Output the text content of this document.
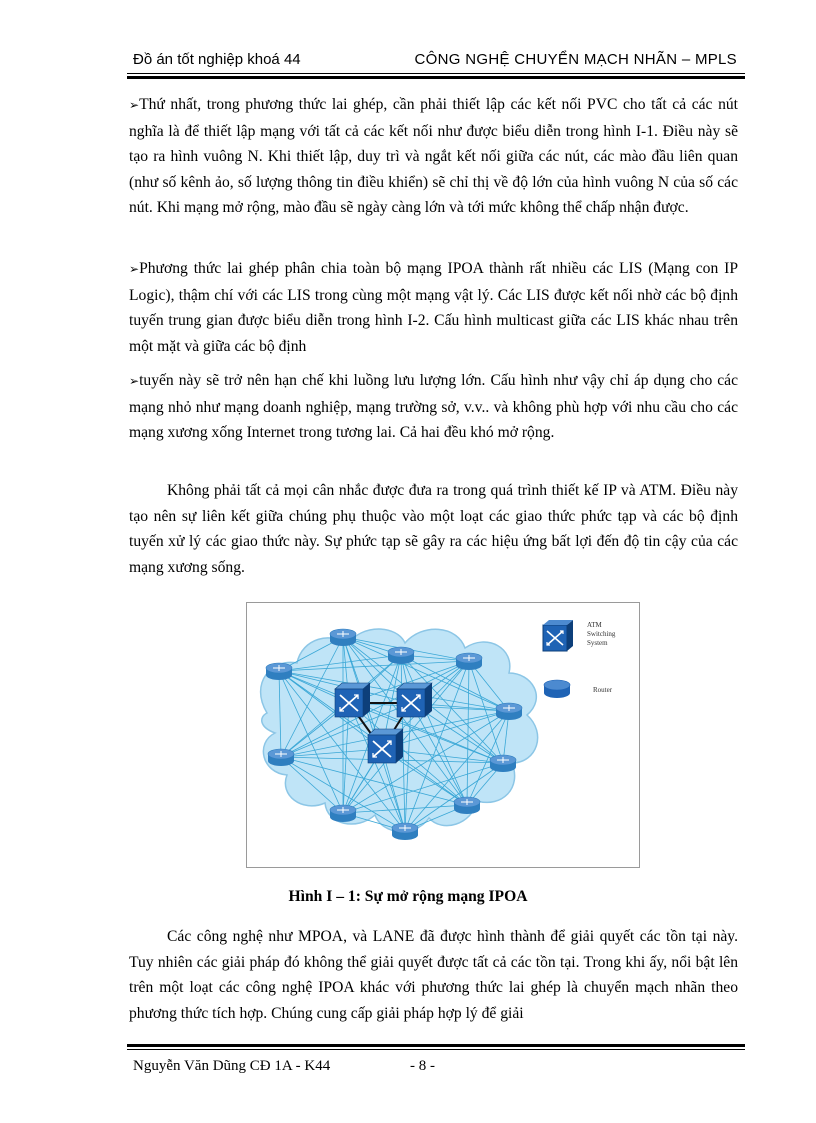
Đồ án tốt nghiệp khoá 44	CÔNG NGHỆ CHUYỂN MẠCH NHÃN – MPLS
➢Thứ nhất, trong phương thức lai ghép, cần phải thiết lập các kết nối PVC cho tất cả các nút nghĩa là để thiết lập mạng với tất cả các kết nối như được biểu diễn trong hình I-1. Điều này sẽ tạo ra hình vuông N. Khi thiết lập, duy trì và ngắt kết nối giữa các nút, các mào đầu liên quan (như số kênh ảo, số lượng thông tin điều khiển) sẽ chỉ thị về độ lớn của hình vuông N của số các nút. Khi mạng mở rộng, mào đầu sẽ ngày càng lớn và tới mức không thể chấp nhận được.
➢Phương thức lai ghép phân chia toàn bộ mạng IPOA thành rất nhiều các LIS (Mạng con IP Logic), thậm chí với các LIS trong cùng một mạng vật lý. Các LIS được kết nối nhờ các bộ định tuyến trung gian được biểu diễn trong hình I-2. Cấu hình multicast giữa các LIS khác nhau trên một mặt và giữa các bộ định
➢tuyến này sẽ trở nên hạn chế khi luồng lưu lượng lớn. Cấu hình như vậy chỉ áp dụng cho các mạng nhỏ như mạng doanh nghiệp, mạng trường sở, v.v.. và không phù hợp với nhu cầu cho các mạng xương xống Internet trong tương lai. Cả hai đều khó mở rộng.
Không phải tất cả mọi cân nhắc được đưa ra trong quá trình thiết kế IP và ATM. Điều này tạo nên sự liên kết giữa chúng phụ thuộc vào một loạt các giao thức phức tạp và các bộ định tuyến xử lý các giao thức này. Sự phức tạp sẽ gây ra các hiệu ứng bất lợi đến độ tin cậy của các mạng xương sống.
ATM
Switching
System
Router
Hình I – 1: Sự mở rộng mạng IPOA
Các công nghệ như MPOA, và LANE đã được hình thành để giải quyết các tồn tại này. Tuy nhiên các giải pháp đó không thể giải quyết được tất cả các tồn tại. Trong khi ấy, nổi bật lên trên một loạt các công nghệ IPOA khác với phương thức lai ghép là chuyển mạch nhãn theo phương thức tích hợp. Chúng cung cấp giải pháp hợp lý để giải
Nguyễn Văn Dũng CĐ 1A - K44	- 8 -
